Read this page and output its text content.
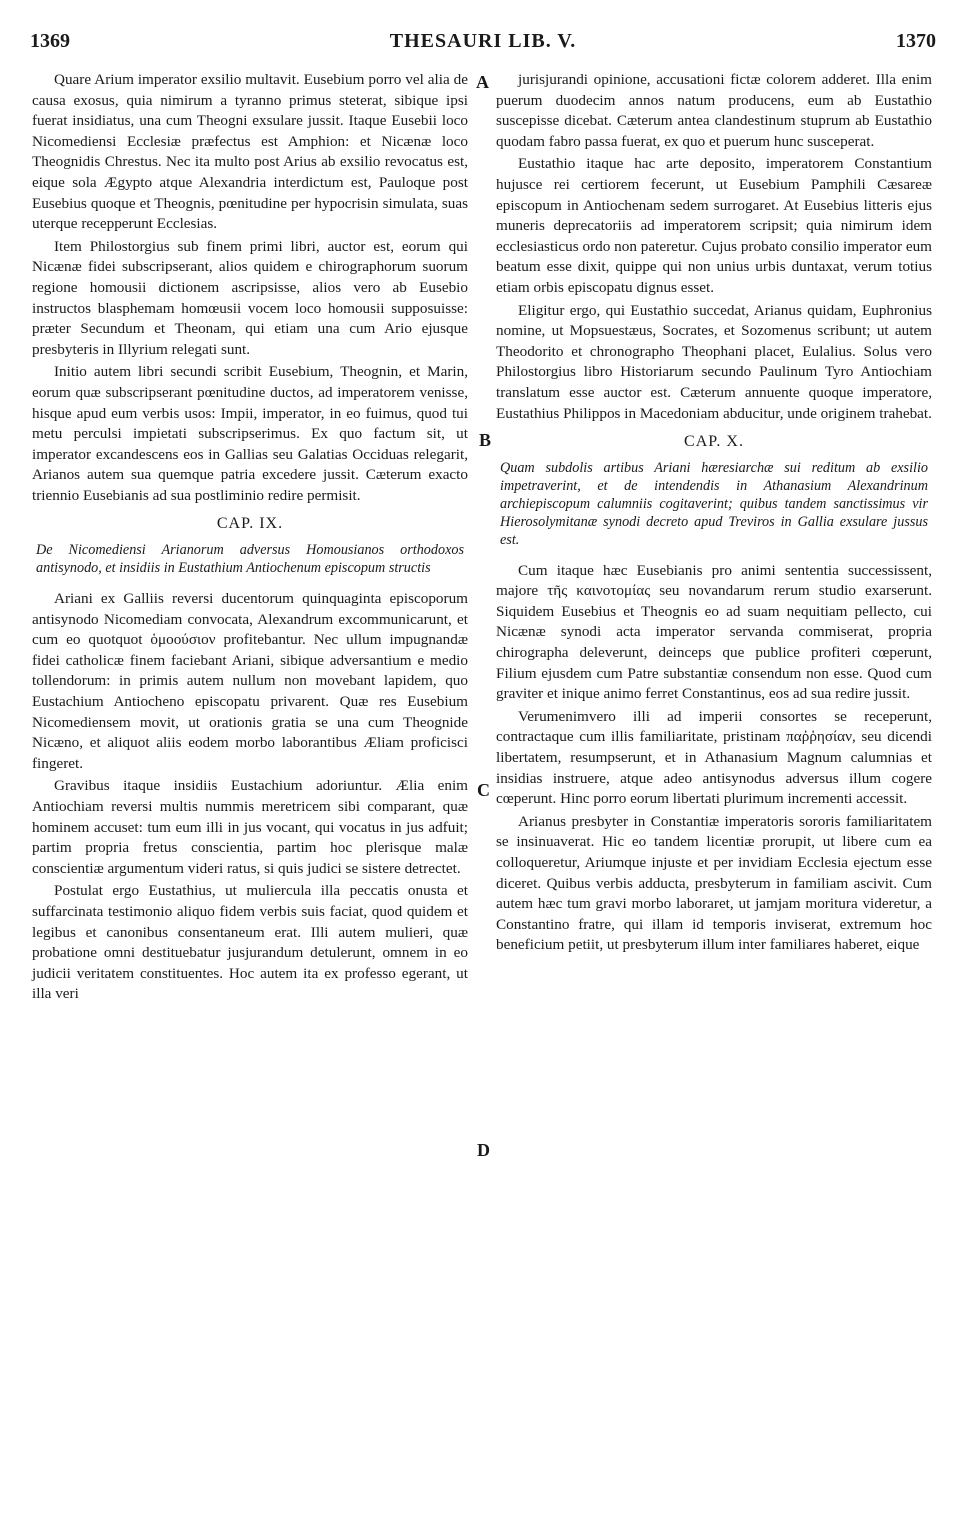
1369	THESAURI LIB. V.	1370
A
B
C
D

Quare Arium imperator exsilio multavit. Eusebium porro vel alia de causa exosus, quia nimirum a tyranno primus steterat, sibique ipsi fuerat insidiatus, una cum Theogni exsulare jussit. Itaque Eusebii loco Nicomediensi Ecclesiæ præfectus est Amphion: et Nicænæ loco Theognidis Chrestus. Nec ita multo post Arius ab exsilio revocatus est, eique sola Ægypto atque Alexandria interdictum est, Pauloque post Eusebius quoque et Theognis, pœnitudine per hypocrisin simulata, suas uterque recepperunt Ecclesias.

Item Philostorgius sub finem primi libri, auctor est, eorum qui Nicænæ fidei subscripserant, alios quidem e chirographorum suorum regione homousii dictionem ascripsisse, alios vero ab Eusebio instructos blasphemam homœusii vocem loco homousii supposuisse: præter Secundum et Theonam, qui etiam una cum Ario ejusque presbyteris in Illyrium relegati sunt.

Initio autem libri secundi scribit Eusebium, Theognin, et Marin, eorum quæ subscripserant pœnitudine ductos, ad imperatorem venisse, hisque apud eum verbis usos: Impii, imperator, in eo fuimus, quod tui metu perculsi impietati subscripserimus. Ex quo factum sit, ut imperator excandescens eos in Gallias seu Galatias Occiduas relegarit, Arianos autem sua quemque patria excedere jussit. Cæterum exacto triennio Eusebianis ad sua postliminio redire permisit.

CAP. IX.
De Nicomediensi Arianorum adversus Homousianos orthodoxos antisynodo, et insidiis in Eustathium Antiochenum episcopum structis

Ariani ex Galliis reversi ducentorum quinquaginta episcoporum antisynodo Nicomediam convocata, Alexandrum excommunicarunt, et cum eo quotquot ὁμοούσιον profitebantur. Nec ullum impugnandæ fidei catholicæ finem faciebant Ariani, sibique adversantium e medio tollendorum: in primis autem nullum non movebant lapidem, quo Eustachium Antiocheno episcopatu privarent. Quæ res Eusebium Nicomediensem movit, ut orationis gratia se una cum Theognide Nicæno, et aliquot aliis eodem morbo laborantibus Æliam proficisci fingeret.

Gravibus itaque insidiis Eustachium adoriuntur. Ælia enim Antiochiam reversi multis nummis meretricem sibi comparant, quæ hominem accuset: tum eum illi in jus vocant, qui vocatus in jus adfuit; partim propria fretus conscientia, partim hoc plerisque malæ conscientiæ argumentum videri ratus, si quis judici se sistere detrectet.

Postulat ergo Eustathius, ut muliercula illa peccatis onusta et suffarcinata testimonio aliquo fidem verbis suis faciat, quod quidem et legibus et canonibus consentaneum erat. Illi autem mulieri, quæ probatione omni destituebatur jusjurandum detulerunt, omnem in eo judicii veritatem constituentes. Hoc autem ita ex professo egerant, ut illa veri

jurisjurandi opinione, accusationi fictæ colorem adderet. Illa enim puerum duodecim annos natum producens, eum ab Eustathio suscepisse dicebat. Cæterum antea clandestinum stuprum ab Eustathio quodam fabro passa fuerat, ex quo et puerum hunc susceperat.

Eustathio itaque hac arte deposito, imperatorem Constantium hujusce rei certiorem fecerunt, ut Eusebium Pamphili Cæsareæ episcopum in Antiochenam sedem surrogaret. At Eusebius litteris ejus muneris deprecatoriis ad imperatorem scripsit; quia nimirum idem ecclesiasticus ordo non pateretur. Cujus probato consilio imperator eum beatum esse dixit, quippe qui non unius urbis duntaxat, verum totius etiam orbis episcopatu dignus esset.

Eligitur ergo, qui Eustathio succedat, Arianus quidam, Euphronius nomine, ut Mopsuestæus, Socrates, et Sozomenus scribunt; ut autem Theodorito et chronographo Theophani placet, Eulalius. Solus vero Philostorgius libro Historiarum secundo Paulinum Tyro Antiochiam translatum esse auctor est. Cæterum annuente quoque imperatore, Eustathius Philippos in Macedoniam abducitur, unde originem trahebat.

CAP. X.
Quam subdolis artibus Ariani hæresiarchæ sui reditum ab exsilio impetraverint, et de intendendis in Athanasium Alexandrinum archiepiscopum calumniis cogitaverint; quibus tandem sanctissimus vir Hierosolymitanæ synodi decreto apud Treviros in Gallia exsulare jussus est.

Cum itaque hæc Eusebianis pro animi sententia successissent, majore τῆς καινοτομίας seu novandarum rerum studio exarserunt. Siquidem Eusebius et Theognis eo ad suam nequitiam pellecto, cui Nicænæ synodi acta imperator servanda commiserat, propria chirographa deleverunt, deinceps que publice profiteri cœperunt, Filium ejusdem cum Patre substantiæ consendum non esse. Quod cum graviter et inique animo ferret Constantinus, eos ad sua redire jussit.

Verumenimvero illi ad imperii consortes se receperunt, contractaque cum illis familiaritate, pristinam παῤῥησίαν, seu dicendi libertatem, resumpserunt, et in Athanasium Magnum calumnias et insidias instruere, atque adeo antisynodus adversus illum cogere cœperunt. Hinc porro eorum libertati plurimum incrementi accessit.

Arianus presbyter in Constantiæ imperatoris sororis familiaritatem se insinuaverat. Hic eo tandem licentiæ prorupit, ut libere cum ea colloqueretur, Ariumque injuste et per invidiam Ecclesia ejectum esse diceret. Quibus verbis adducta, presbyterum in familiam ascivit. Cum autem hæc tum gravi morbo laboraret, ut jamjam moritura videretur, a Constantino fratre, qui illam id temporis inviserat, extremum hoc beneficium petiit, ut presbyterum illum inter familiares haberet, eique
